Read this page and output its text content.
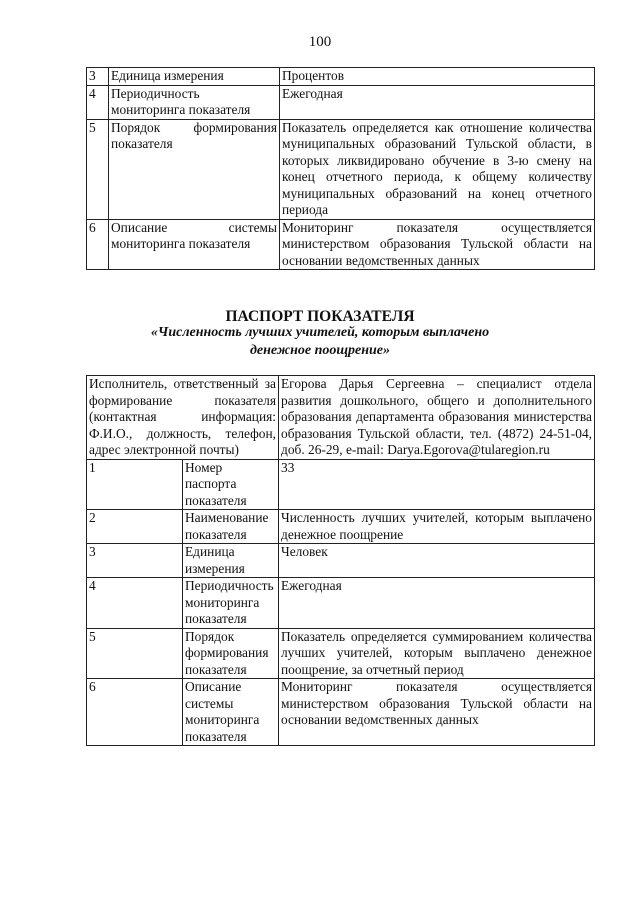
100
3	Единица измерения	Процентов
4	Периодичность мониторинга показателя	Ежегодная
5	Порядок формирования показателя	Показатель определяется как отношение количества муниципальных образований Тульской области, в которых ликвидировано обучение в 3-ю смену на конец отчетного периода, к общему количеству муниципальных образований на конец отчетного периода
6	Описание системы мониторинга показателя	Мониторинг показателя осуществляется министерством образования Тульской области на основании ведомственных данных
ПАСПОРТ ПОКАЗАТЕЛЯ
«Численность лучших учителей, которым выплачено денежное поощрение»
Исполнитель, ответственный за формирование показателя (контактная информация: Ф.И.О., должность, телефон, адрес электронной почты)		Егорова Дарья Сергеевна – специалист отдела развития дошкольного, общего и дополнительного образования департамента образования министерства образования Тульской области, тел. (4872) 24-51-04, доб. 26-29, e-mail: Darya.Egorova@tularegion.ru
1	Номер паспорта показателя	33
2	Наименование показателя	Численность лучших учителей, которым выплачено денежное поощрение
3	Единица измерения	Человек
4	Периодичность мониторинга показателя	Ежегодная
5	Порядок формирования показателя	Показатель определяется суммированием количества лучших учителей, которым выплачено денежное поощрение, за отчетный период
6	Описание системы мониторинга показателя	Мониторинг показателя осуществляется министерством образования Тульской области на основании ведомственных данных
